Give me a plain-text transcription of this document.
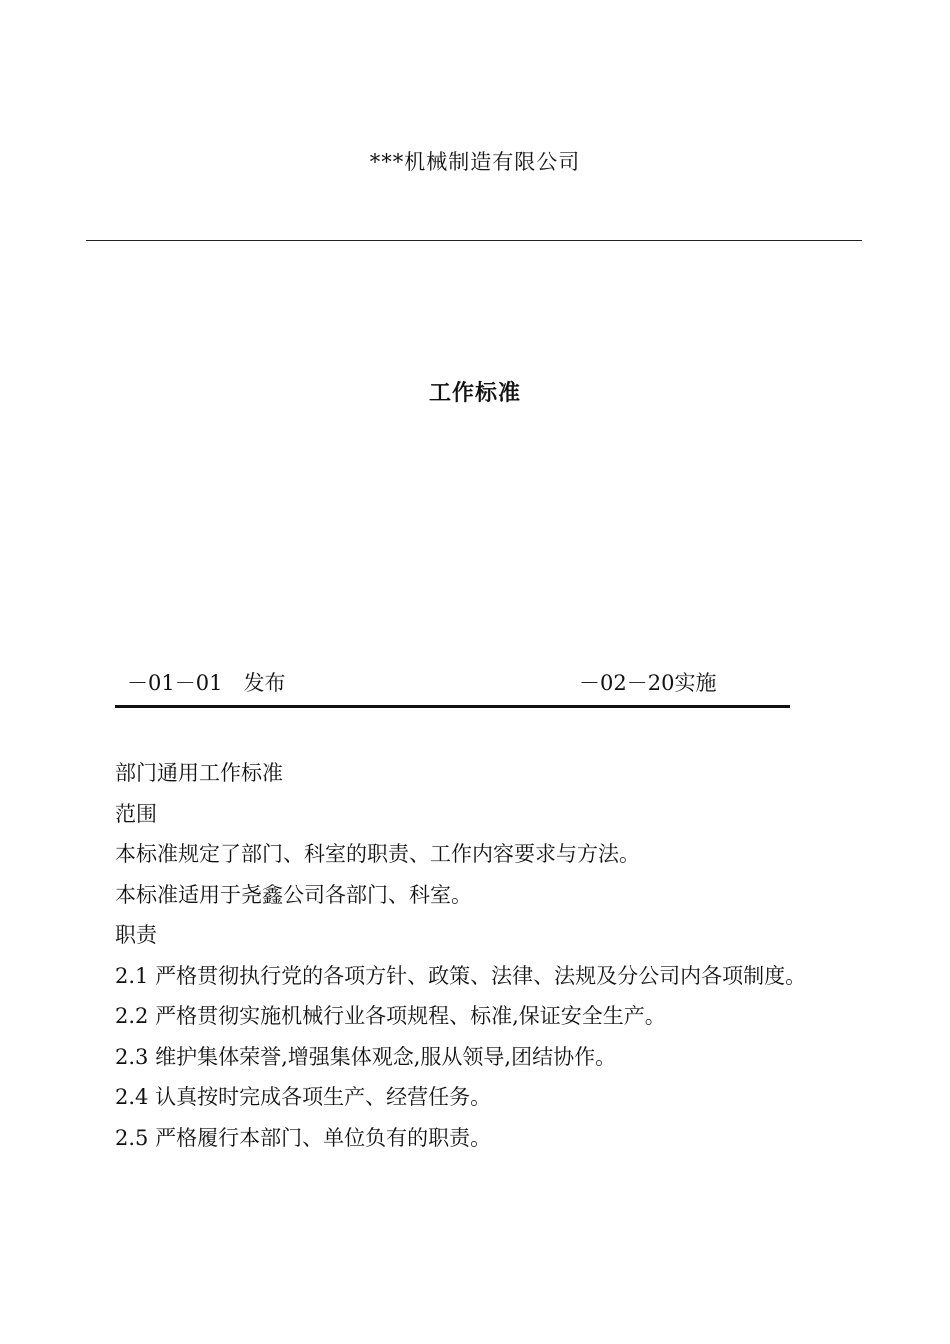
***机械制造有限公司
工作标准
－01－01　发布	－02－20实施

部门通用工作标准

范围

本标准规定了部门、科室的职责、工作内容要求与方法。

本标准适用于尧鑫公司各部门、科室。

职责

2.1 严格贯彻执行党的各项方针、政策、法律、法规及分公司内各项制度。

2.2 严格贯彻实施机械行业各项规程、标准,保证安全生产。

2.3 维护集体荣誉,增强集体观念,服从领导,团结协作。

2.4 认真按时完成各项生产、经营任务。

2.5 严格履行本部门、单位负有的职责。
